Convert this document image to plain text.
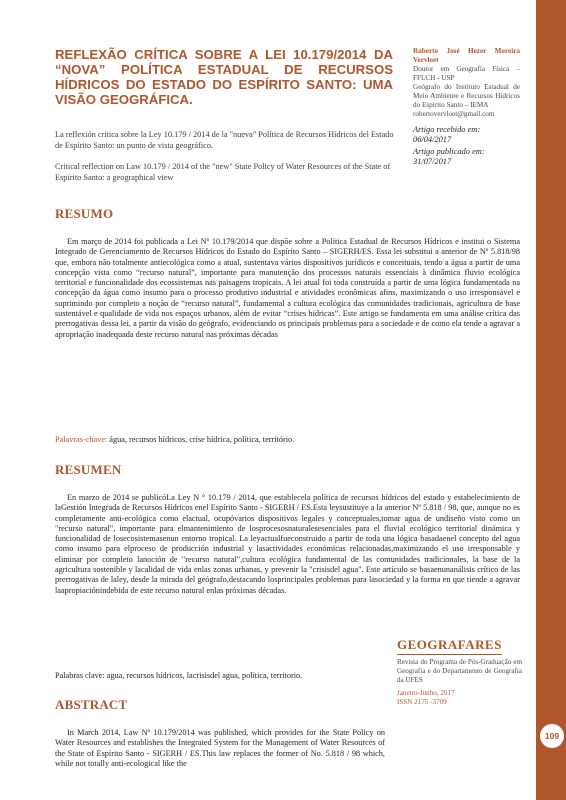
109
REFLEXÃO CRÍTICA SOBRE A LEI 10.179/2014 DA “NOVA” POLÍTICA ESTADUAL DE RECURSOS HÍDRICOS DO ESTADO DO ESPÍRITO SANTO: UMA VISÃO GEOGRÁFICA.

La reflexión crítica sobre la Ley 10.179 / 2014 de la "nueva" Política de Recursos Hídricos del Estado de Espírito Santo: un punto de vista geográfico.

Critical reflection on Law 10.179 / 2014 of the "new" State Policy of Water Resources of the State of Espírito Santo: a geographical view

Roberto José Hezer Moreira Vervloet
Doutor em Geografia Física – FFLCH - USP
Geógrafo do Instituto Estadual de Meio Ambiente e Recursos Hídricos do Espírito Santo – IEMA
robertovervloet@gmail.com
Artigo recebido em:
06/04/2017
Artigo publicado em:
31/07/2017
RESUMO

Em março de 2014 foi publicada a Lei Nº 10.179/2014 que dispõe sobre a Política Estadual de Recursos Hídricos e institui o Sistema Integrado de Gerenciamento de Recursos Hídricos do Estado do Espírito Santo – SIGERH/ES. Essa lei substitui a anterior de Nº 5.818/98 que, embora não totalmente antiecológica como a atual, sustentava vários dispositivos jurídicos e conceituais, tendo a água a partir de uma concepção vista como “recurso natural”, importante para manutenção dos processos naturais essenciais à dinâmica fluvio ecológica territorial e funcionalidade dos ecossistemas nas paisagens tropicais. A lei atual foi toda construída a partir de uma lógica fundamentada na concepção da água como insumo para o processo produtivo industrial e atividades econômicas afins, maximizando o uso irresponsável e suprimindo por completo a noção de “recurso natural”, fundamental a cultura ecológica das comunidades tradicionais, agricultura de base sustentável e qualidade de vida nos espaços urbanos, além de evitar “crises hídricas”. Este artigo se fundamenta em uma análise crítica das prerrogativas dessa lei, a partir da visão do geógrafo, evidenciando os principais problemas para a sociedade e de como ela tende a agravar a apropriação inadequada deste recurso natural nas próximas décadas

Palavras-chave: água, recursos hídricos, crise hídrica, política, território.
RESUMEN

En marzo de 2014 se publicóLa Ley N ° 10.179 / 2014, que establecela política de recursos hídricos del estado y estabelecimiento de laGestión Integrada de Recursos Hídricos enel Espírito Santo - SIGERH / ES.Esta leysustituye a la anterior Nº 5.818 / 98, que, aunque no es completamente anti-ecológica como elactual, ocupóvarios dispositivos legales y conceptuales,tomar agua de undiseño visto como un "recurso natural", importante para elmantenimiento de losprocesosnaturalesesenciales para el fluvial ecológico territorial dinámica y funcionalidad de losecosistemasenun entorno tropical. La leyactualfueconstruido a partir de toda una lógica basadaenel concepto del agua como insumo para elproceso de producción industrial y lasactividades económicas relacionadas,maximizando el uso irresponsable y eliminar por completo lanoción de "recurso natural",cultura ecológica fundamental de las comunidades tradicionales, la base de la agricultura sostenible y lacalidad de vida enlas zonas urbanas, y prevenir la "crisisdel agua". Este artículo se basaenunanálisis crítico de las prerrogativas de laley, desde la mirada del geógrafo,destacando losprincipales problemas para lasociedad y la forma en que tiende a agravar laapropiaciónindebida de este recurso natural enlas próximas décadas.

Palabras clave: agua, recursos hídricos, lacrisisdel agua, política, territorio.
ABSTRACT

In March 2014, Law Nº 10.179/2014 was published, which provides for the State Policy on Water Resources and establishes the Integrated System for the Management of Water Resources of the State of Espírito Santo - SIGERH / ES.This law replaces the former of No. 5.818 / 98 which, while not totally anti-ecological like the

GEOGRAFARES
Revista do Programa de Pós-Graduação em Geografia e do Departamento de Geografia da UFES
Janeiro-Junho, 2017
ISSN 2175 -3709
